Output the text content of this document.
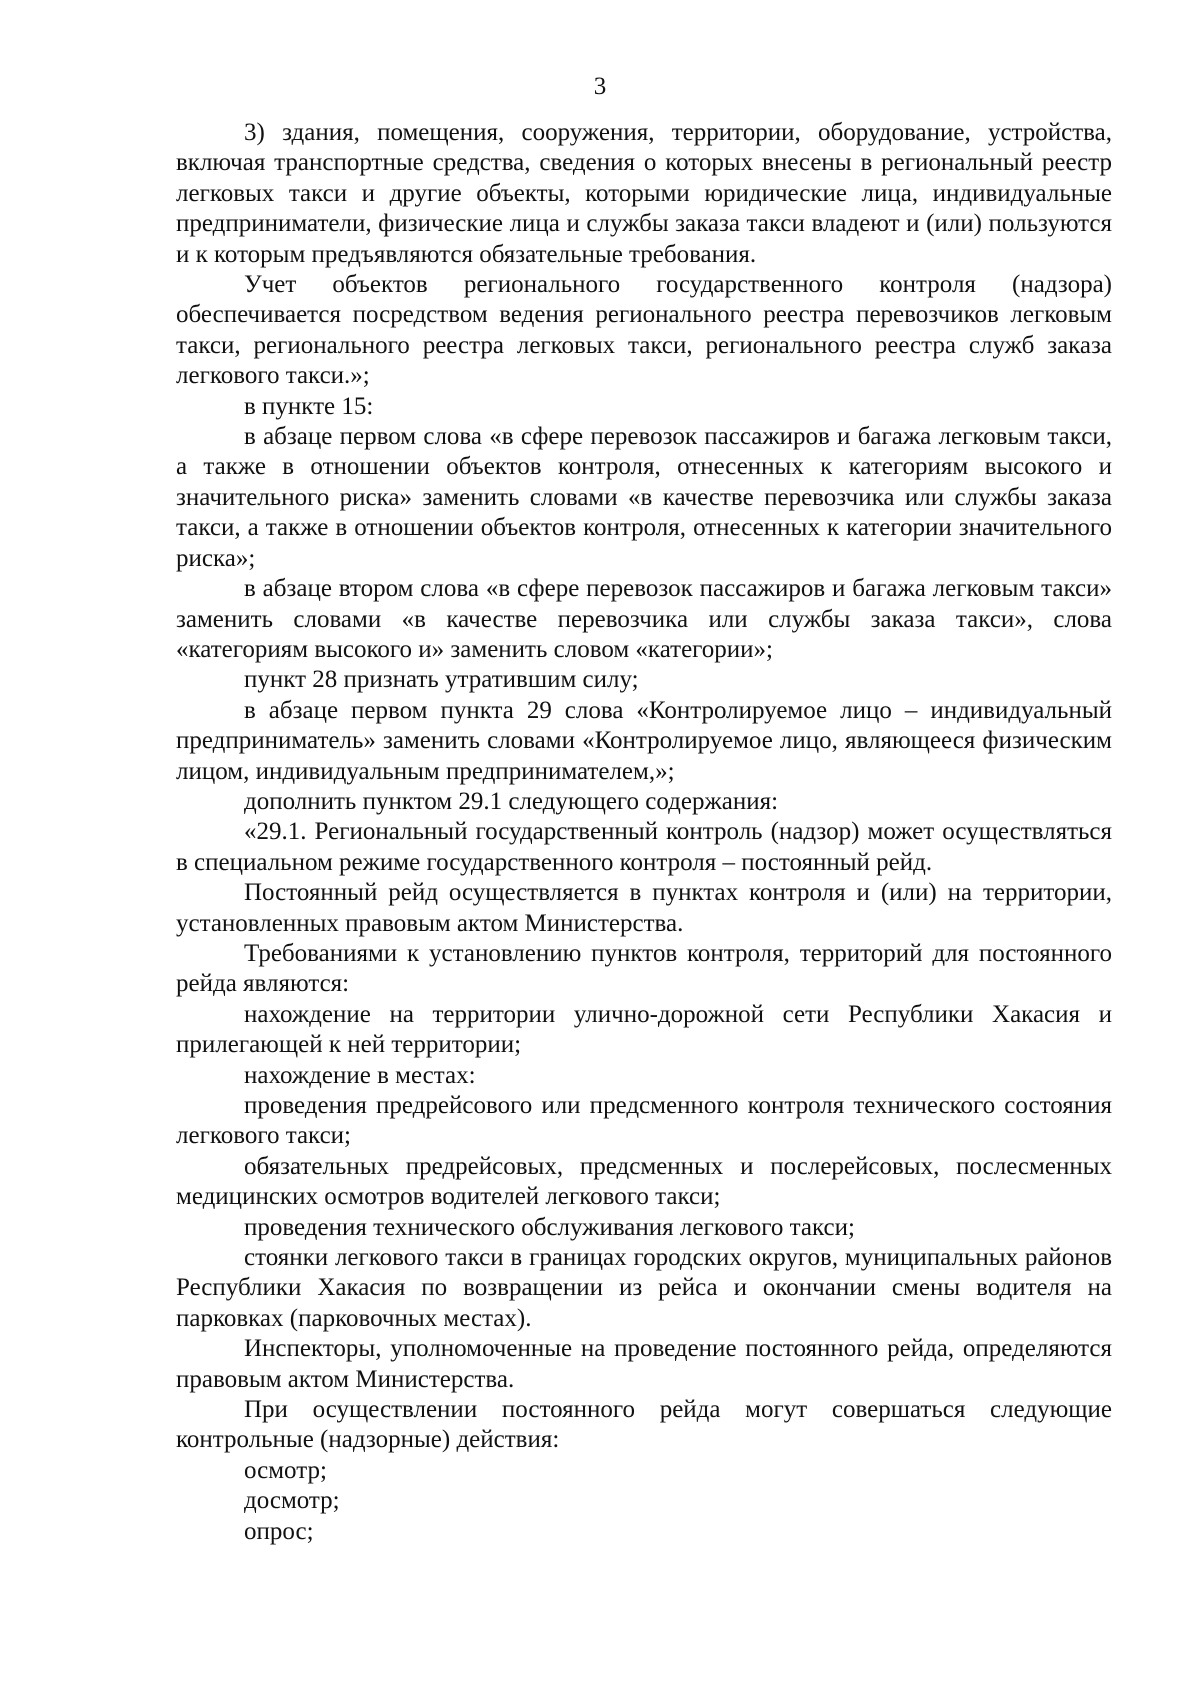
3

3) здания, помещения, сооружения, территории, оборудование, устройства, включая транспортные средства, сведения о которых внесены в региональный реестр легковых такси и другие объекты, которыми юридические лица, индивидуальные предприниматели, физические лица и службы заказа такси владеют и (или) пользуются и к которым предъявляются обязательные требования.

Учет объектов регионального государственного контроля (надзора) обеспечивается посредством ведения регионального реестра перевозчиков легковым такси, регионального реестра легковых такси, регионального реестра служб заказа легкового такси.»;

в пункте 15:

в абзаце первом слова «в сфере перевозок пассажиров и багажа легковым такси, а также в отношении объектов контроля, отнесенных к категориям высокого и значительного риска» заменить словами «в качестве перевозчика или службы заказа такси, а также в отношении объектов контроля, отнесенных к категории значительного риска»;

в абзаце втором слова «в сфере перевозок пассажиров и багажа легковым такси» заменить словами «в качестве перевозчика или службы заказа такси», слова «категориям высокого и» заменить словом «категории»;

пункт 28 признать утратившим силу;

в абзаце первом пункта 29 слова «Контролируемое лицо – индивидуальный предприниматель» заменить словами «Контролируемое лицо, являющееся физическим лицом, индивидуальным предпринимателем,»;

дополнить пунктом 29.1 следующего содержания:

«29.1. Региональный государственный контроль (надзор) может осуществляться в специальном режиме государственного контроля – постоянный рейд.

Постоянный рейд осуществляется в пунктах контроля и (или) на территории, установленных правовым актом Министерства.

Требованиями к установлению пунктов контроля, территорий для постоянного рейда являются:

нахождение на территории улично-дорожной сети Республики Хакасия и прилегающей к ней территории;

нахождение в местах:

проведения предрейсового или предсменного контроля технического состояния легкового такси;

обязательных предрейсовых, предсменных и послерейсовых, послесменных медицинских осмотров водителей легкового такси;

проведения технического обслуживания легкового такси;

стоянки легкового такси в границах городских округов, муниципальных районов Республики Хакасия по возвращении из рейса и окончании смены водителя на парковках (парковочных местах).

Инспекторы, уполномоченные на проведение постоянного рейда, определяются правовым актом Министерства.

При осуществлении постоянного рейда могут совершаться следующие контрольные (надзорные) действия:

осмотр;

досмотр;

опрос;
